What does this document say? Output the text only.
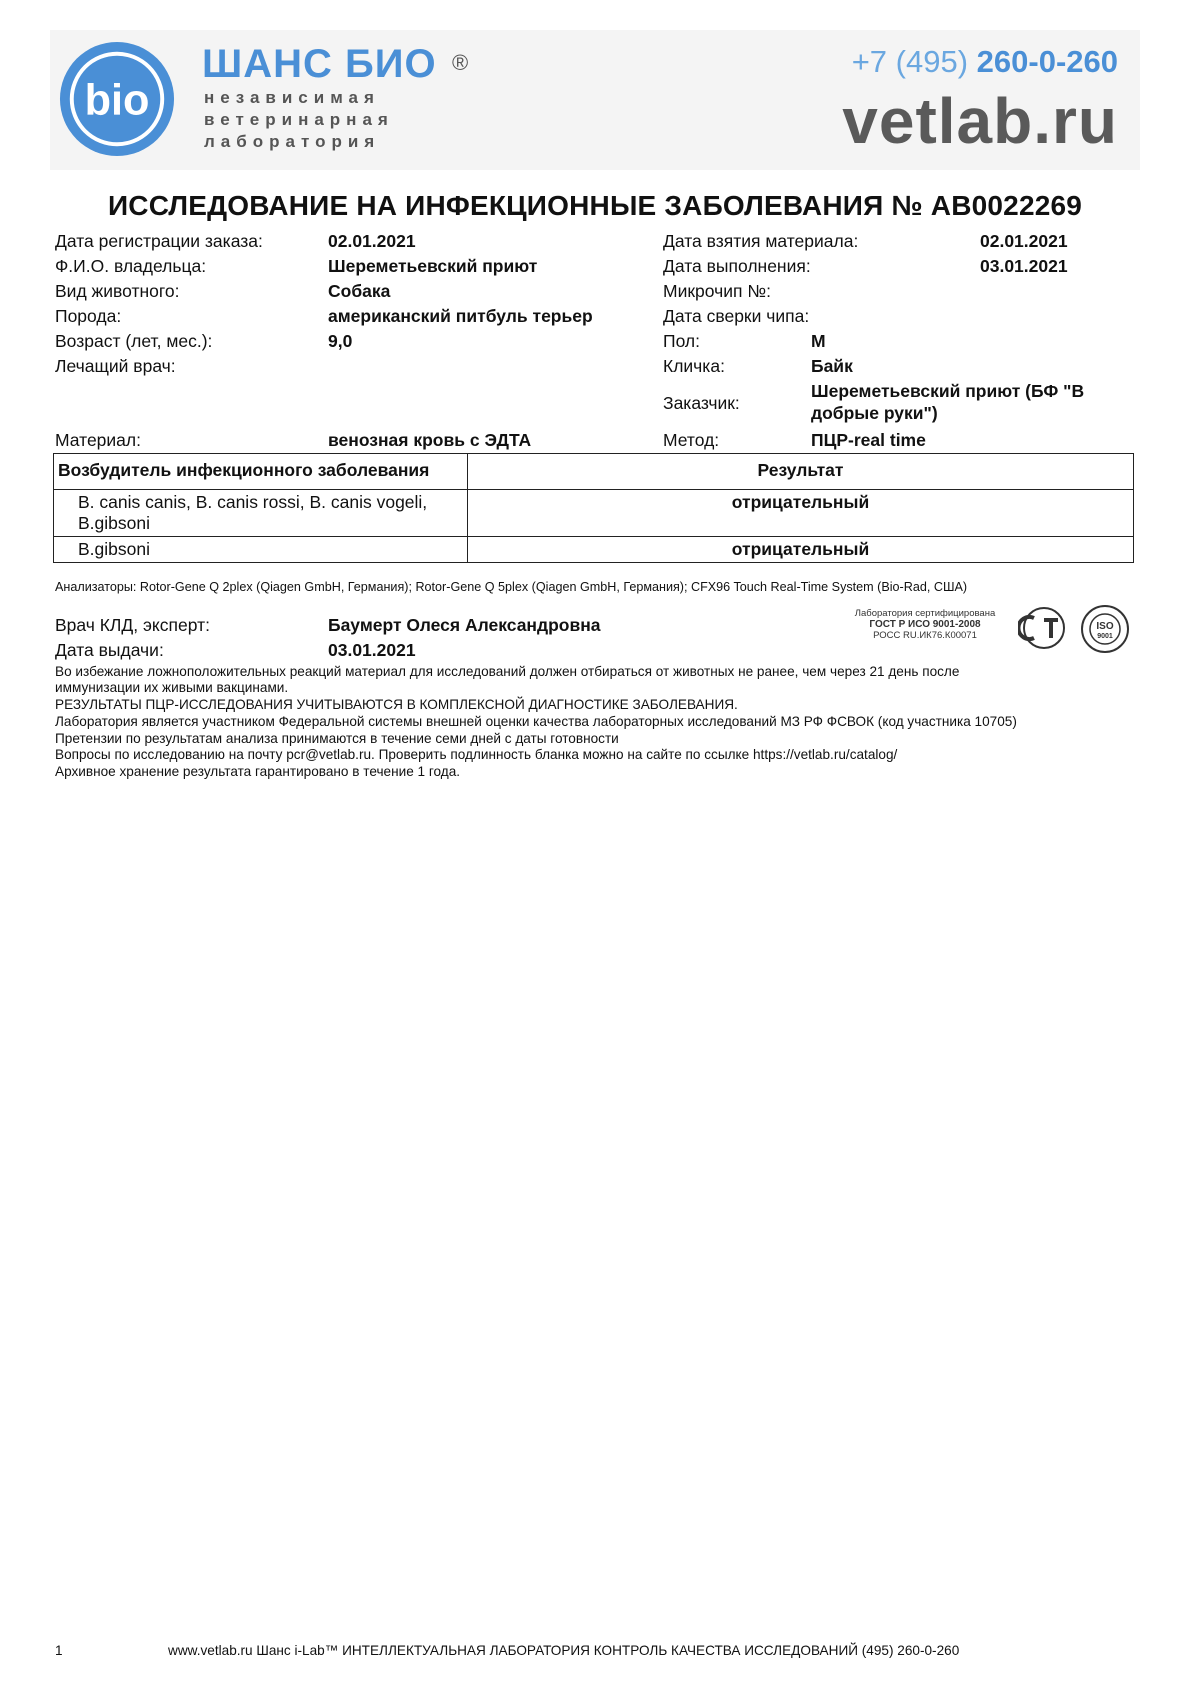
bio
ШАНС БИО ®
независимая
ветеринарная
лаборатория
+7 (495) 260-0-260
vetlab.ru
ИССЛЕДОВАНИЕ НА ИНФЕКЦИОННЫЕ ЗАБОЛЕВАНИЯ № АВ0022269
Дата регистрации заказа:	02.01.2021
Ф.И.О. владельца:	Шереметьевский приют
Вид животного:	Собака
Порода:	американский питбуль терьер
Возраст (лет, мес.):	9,0
Лечащий врач:
Материал:	венозная кровь с ЭДТА
Дата взятия материала:	02.01.2021
Дата выполнения:	03.01.2021
Микрочип №:
Дата сверки чипа:
Пол:	М
Кличка:	Байк
Заказчик:
Шереметьевский приют (БФ "В
добрые руки")
Метод:	ПЦР-real time
Возбудитель инфекционного заболевания	Результат

B. canis canis, B. canis rossi, B. canis vogeli,
B.gibsoni	отрицательный

B.gibsoni	отрицательный
Анализаторы: Rotor-Gene Q 2plex (Qiagen GmbH, Германия); Rotor-Gene Q 5plex (Qiagen GmbH, Германия); CFX96 Touch Real-Time System (Bio-Rad, США)
Врач КЛД, эксперт:	Баумерт Олеся Александровна
Дата выдачи:	03.01.2021
Лаборатория сертифицирована
ГОСТ Р ИСО 9001-2008
РОСС RU.ИК76.К00071
ISO
9001
Во избежание ложноположительных реакций материал для исследований должен отбираться от животных не ранее, чем через 21 день после
иммунизации их живыми вакцинами.
РЕЗУЛЬТАТЫ ПЦР-ИССЛЕДОВАНИЯ УЧИТЫВАЮТСЯ В КОМПЛЕКСНОЙ ДИАГНОСТИКЕ ЗАБОЛЕВАНИЯ.
Лаборатория является участником Федеральной системы внешней оценки качества лабораторных исследований МЗ РФ ФСВОК (код участника 10705)
Претензии по результатам анализа принимаются в течение семи дней с даты готовности
Вопросы по исследованию на почту pcr@vetlab.ru. Проверить подлинность бланка можно на сайте по ссылке https://vetlab.ru/catalog/
Архивное хранение результата гарантировано в течение 1 года.
1	www.vetlab.ru Шанс i-Lab™ ИНТЕЛЛЕКТУАЛЬНАЯ ЛАБОРАТОРИЯ КОНТРОЛЬ КАЧЕСТВА ИССЛЕДОВАНИЙ (495) 260-0-260
